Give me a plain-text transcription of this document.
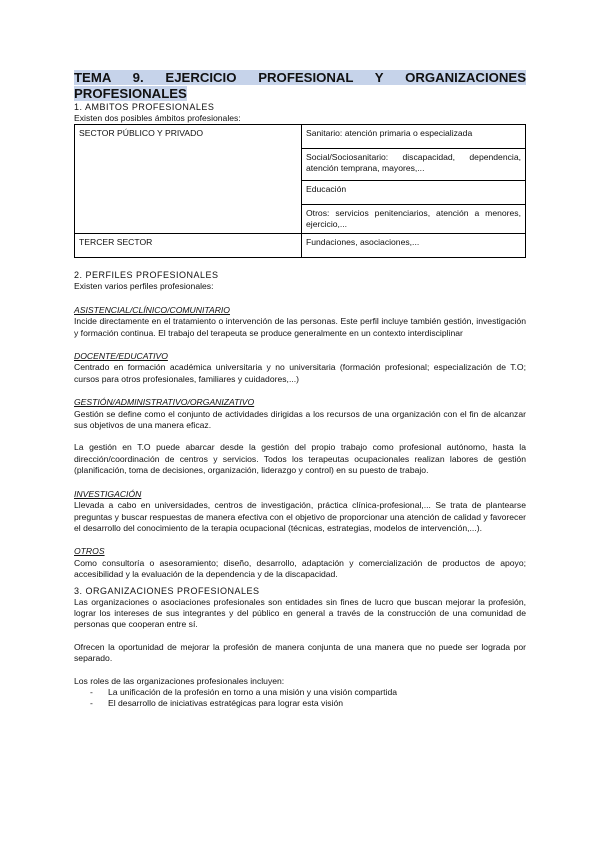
TEMA 9. EJERCICIO PROFESIONAL Y ORGANIZACIONES
PROFESIONALES
1. AMBITOS PROFESIONALES
Existen dos posibles ámbitos profesionales:
SECTOR PÚBLICO Y PRIVADO	Sanitario: atención primaria o especializada
	Social/Sociosanitario: discapacidad, dependencia, atención temprana, mayores,...
	Educación
	Otros: servicios penitenciarios, atención a menores, ejercicio,...
TERCER SECTOR	Fundaciones, asociaciones,...
2. PERFILES PROFESIONALES
Existen varios perfiles profesionales:
ASISTENCIAL/CLÍNICO/COMUNITARIO

Incide directamente en el tratamiento o intervención de las personas. Este perfil incluye también gestión, investigación y formación continua. El trabajo del terapeuta se produce generalmente en un contexto interdisciplinar

DOCENTE/EDUCATIVO

Centrado en formación académica universitaria y no universitaria (formación profesional; especialización de T.O; cursos para otros profesionales, familiares y cuidadores,...)

GESTIÓN/ADMINISTRATIVO/ORGANIZATIVO

Gestión se define como el conjunto de actividades dirigidas a los recursos de una organización con el fin de alcanzar sus objetivos de una manera eficaz.

La gestión en T.O puede abarcar desde la gestión del propio trabajo como profesional autónomo, hasta la dirección/coordinación de centros y servicios. Todos los terapeutas ocupacionales realizan labores de gestión (planificación, toma de decisiones, organización, liderazgo y control) en su puesto de trabajo.

INVESTIGACIÓN

Llevada a cabo en universidades, centros de investigación, práctica clínica-profesional,... Se trata de plantearse preguntas y buscar respuestas de manera efectiva con el objetivo de proporcionar una atención de calidad y favorecer el desarrollo del conocimiento de la terapia ocupacional (técnicas, estrategias, modelos de intervención,...).

OTROS

Como consultoría o asesoramiento; diseño, desarrollo, adaptación y comercialización de productos de apoyo; accesibilidad y la evaluación de la dependencia y de la discapacidad.

3. ORGANIZACIONES PROFESIONALES

Las organizaciones o asociaciones profesionales son entidades sin fines de lucro que buscan mejorar la profesión, lograr los intereses de sus integrantes y del público en general a través de la construcción de una comunidad de personas que cooperan entre sí.

Ofrecen la oportunidad de mejorar la profesión de manera conjunta de una manera que no puede ser lograda por separado.

Los roles de las organizaciones profesionales incluyen:

- La unificación de la profesión en torno a una misión y una visión compartida
- El desarrollo de iniciativas estratégicas para lograr esta visión
